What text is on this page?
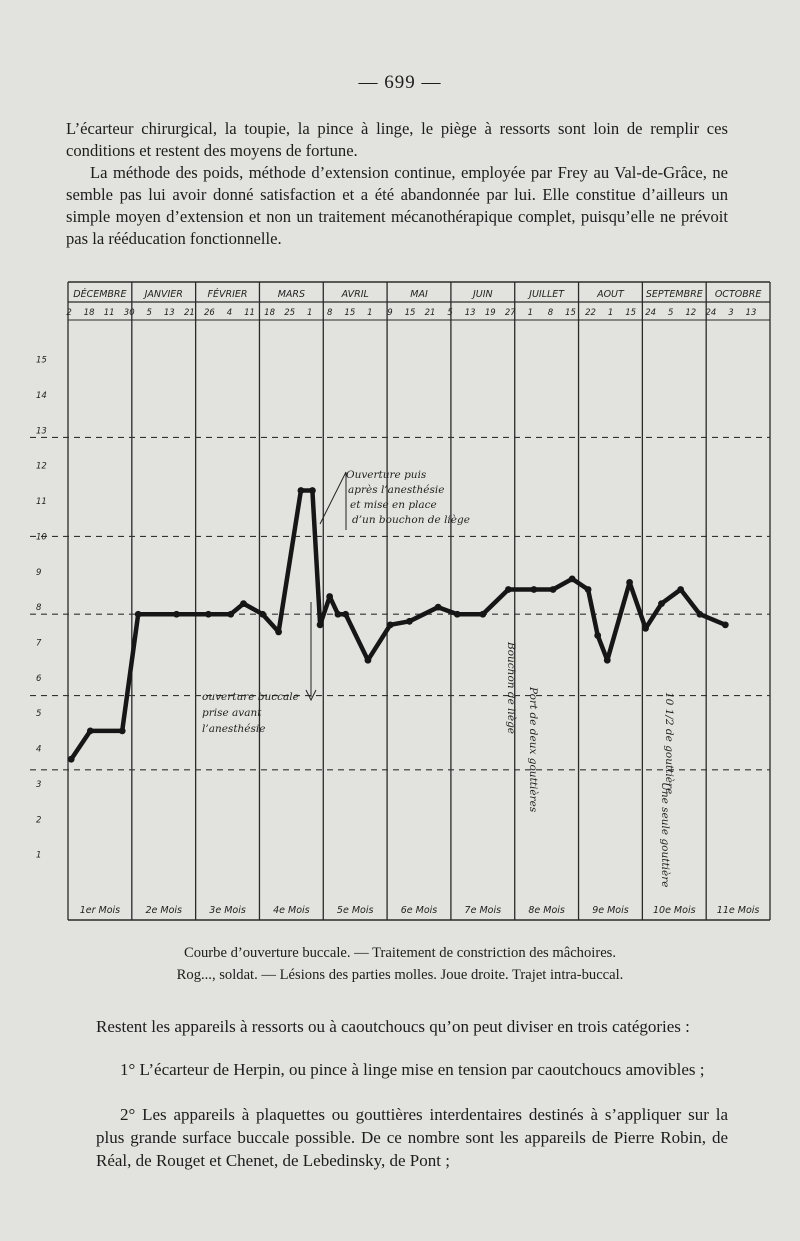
— 699 —

L’écarteur chirurgical, la toupie, la pince à linge, le piège à ressorts sont loin de remplir ces conditions et restent des moyens de fortune.

La méthode des poids, méthode d’extension continue, employée par Frey au Val-de-Grâce, ne semble pas lui avoir donné satisfaction et a été abandonnée par lui. Elle constitue d’ailleurs un simple moyen d’extension et non un traitement mécanothérapique complet, puisqu’elle ne prévoit pas la rééducation fonctionnelle.

DÉCEMBRE JANVIER	FÉVRIER	MARS	AVRIL	MAI	JUIN	JUILLET	AOUT SEPTEMBRE OCTOBRE
2 18 11 30 5 13 21 26 4 11 18 25 1 8 15 1 9 15 21 5 13 19 27 1 8 15 22 1 15 24 5 12 24 3 13
1er Mois	2e Mois	3e Mois	4e Mois	5e Mois	6e Mois	7e Mois	8e Mois	9e Mois	10e Mois 11e Mois
15
14
13
12
11
10
9
8
7
6
5
4
3
2
1
Ouverture puis
après l’anesthésie
et mise en place
d’un bouchon de liège
ouverture buccale
prise avant
l’anesthésie	Bouchon de liège Port de deux gouttières	10 1/2 de gouttière
Une seule gouttière
Courbe d’ouverture buccale. — Traitement de constriction des mâchoires.
Rog..., soldat. — Lésions des parties molles. Joue droite. Trajet intra-buccal.

Restent les appareils à ressorts ou à caoutchoucs qu’on peut diviser en trois catégories :

1° L’écarteur de Herpin, ou pince à linge mise en tension par caoutchoucs amovibles ;

2° Les appareils à plaquettes ou gouttières interdentaires destinés à s’appliquer sur la plus grande surface buccale possible. De ce nombre sont les appareils de Pierre Robin, de Réal, de Rouget et Chenet, de Lebedinsky, de Pont ;
